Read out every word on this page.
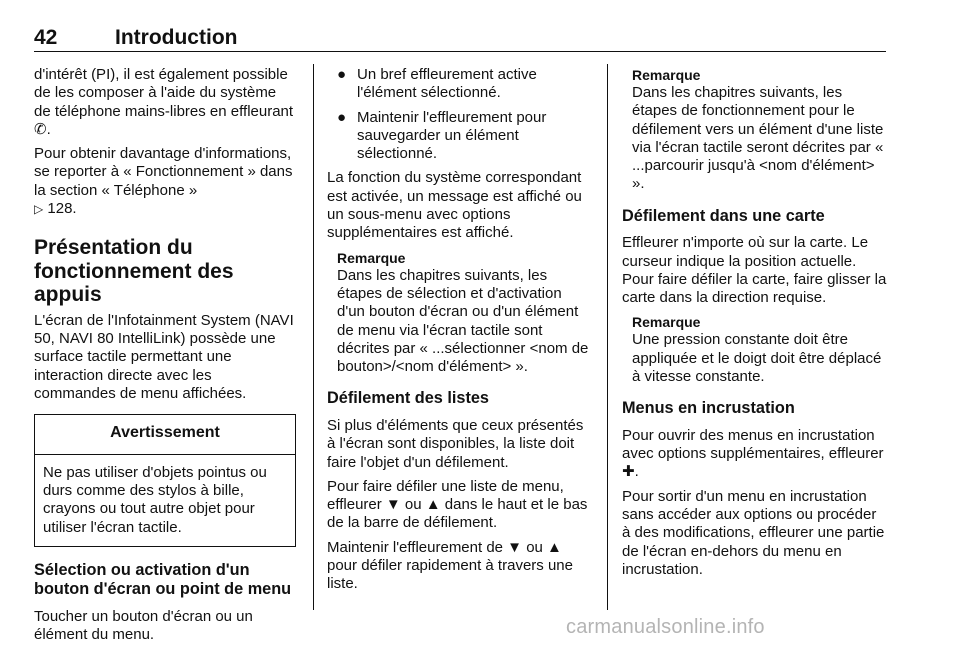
42	Introduction

d'intérêt (PI), il est également possible de les composer à l'aide du système de téléphone mains-libres en effleurant ✆.

Pour obtenir davantage d'informations, se reporter à « Fonctionnement » dans la section « Téléphone »
▷ 128.

Présentation du fonctionnement des appuis

L'écran de l'Infotainment System (NAVI 50, NAVI 80 IntelliLink) possède une surface tactile permettant une interaction directe avec les commandes de menu affichées.

Avertissement
Ne pas utiliser d'objets pointus ou durs comme des stylos à bille, crayons ou tout autre objet pour utiliser l'écran tactile.
Sélection ou activation d'un bouton d'écran ou point de menu

Toucher un bouton d'écran ou un élément du menu.

● Un bref effleurement active l'élément sélectionné.
● Maintenir l'effleurement pour sauvegarder un élément sélectionné.

La fonction du système correspondant est activée, un message est affiché ou un sous-menu avec options supplémentaires est affiché.

Remarque
Dans les chapitres suivants, les étapes de sélection et d'activation d'un bouton d'écran ou d'un élément de menu via l'écran tactile sont décrites par « ...sélectionner <nom de bouton>/<nom d'élément> ».
Défilement des listes

Si plus d'éléments que ceux présentés à l'écran sont disponibles, la liste doit faire l'objet d'un défilement.

Pour faire défiler une liste de menu, effleurer ▼ ou ▲ dans le haut et le bas de la barre de défilement.

Maintenir l'effleurement de ▼ ou ▲ pour défiler rapidement à travers une liste.

Remarque
Dans les chapitres suivants, les étapes de fonctionnement pour le défilement vers un élément d'une liste via l'écran tactile seront décrites par « ...parcourir jusqu'à <nom d'élément> ».
Défilement dans une carte

Effleurer n'importe où sur la carte. Le curseur indique la position actuelle. Pour faire défiler la carte, faire glisser la carte dans la direction requise.

Remarque
Une pression constante doit être appliquée et le doigt doit être déplacé à vitesse constante.
Menus en incrustation

Pour ouvrir des menus en incrustation avec options supplémentaires, effleurer ✚.

Pour sortir d'un menu en incrustation sans accéder aux options ou procéder à des modifications, effleurer une partie de l'écran en-dehors du menu en incrustation.

carmanualsonline.info
